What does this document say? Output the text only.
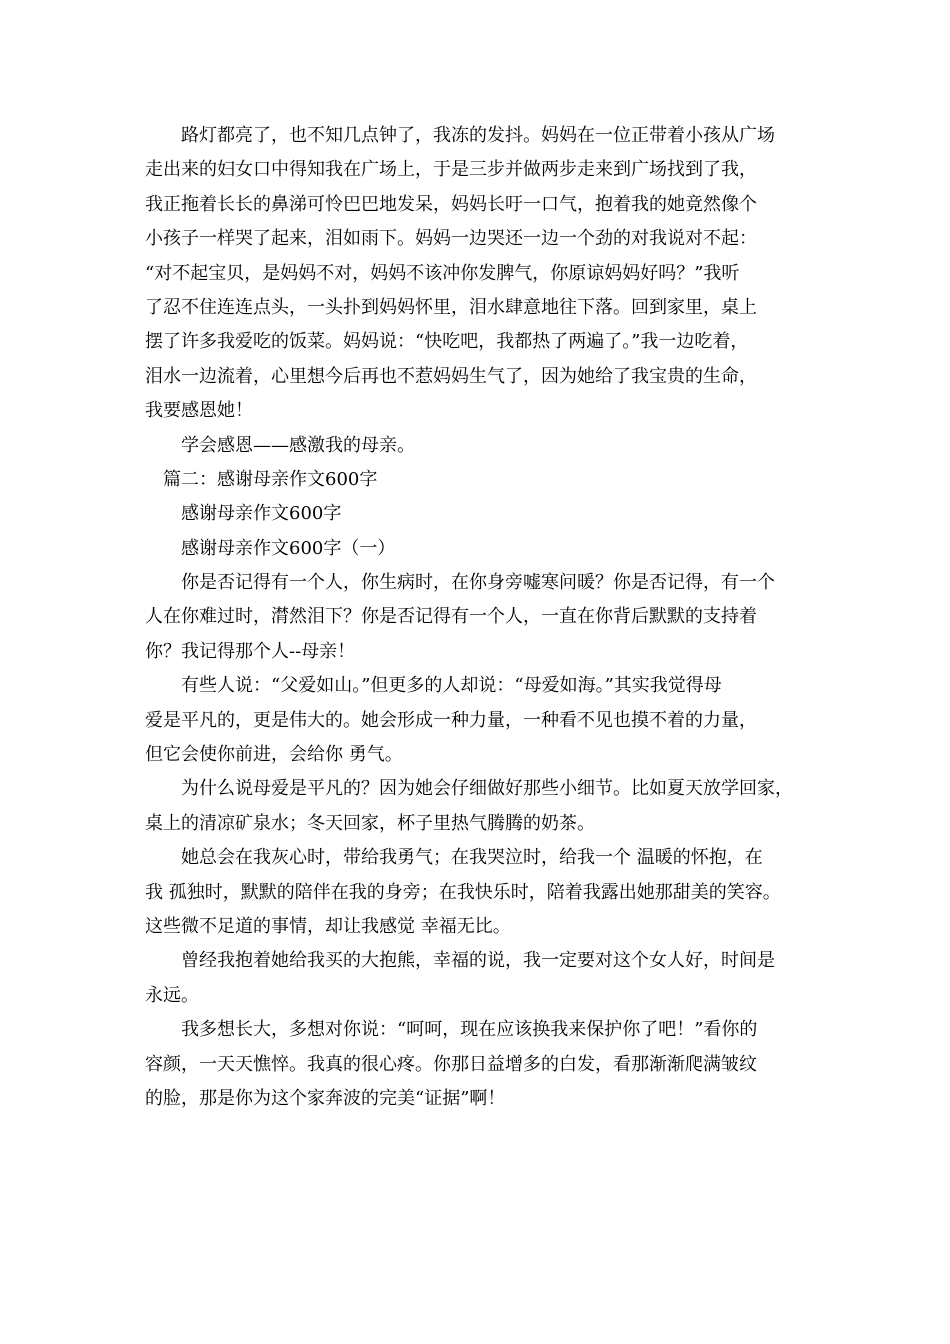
　　路灯都亮了，也不知几点钟了，我冻的发抖。妈妈在一位正带着小孩从广场
走出来的妇女口中得知我在广场上，于是三步并做两步走来到广场找到了我，
我正拖着长长的鼻涕可怜巴巴地发呆，妈妈长吁一口气，抱着我的她竟然像个
小孩子一样哭了起来，泪如雨下。妈妈一边哭还一边一个劲的对我说对不起：
“对不起宝贝，是妈妈不对，妈妈不该冲你发脾气，你原谅妈妈好吗？”我听
了忍不住连连点头，一头扑到妈妈怀里，泪水肆意地往下落。回到家里，桌上
摆了许多我爱吃的饭菜。妈妈说：“快吃吧，我都热了两遍了。”我一边吃着，
泪水一边流着，心里想今后再也不惹妈妈生气了，因为她给了我宝贵的生命，
我要感恩她！
　　学会感恩——感激我的母亲。
　篇二：感谢母亲作文600字
　　感谢母亲作文600字
　　感谢母亲作文600字（一）
　　你是否记得有一个人，你生病时，在你身旁嘘寒问暖？你是否记得，有一个
人在你难过时，潸然泪下？你是否记得有一个人，一直在你背后默默的支持着
你？我记得那个人--母亲！
　　有些人说：“父爱如山。”但更多的人却说：“母爱如海。”其实我觉得母
爱是平凡的，更是伟大的。她会形成一种力量，一种看不见也摸不着的力量，
但它会使你前进，会给你 勇气。
　　为什么说母爱是平凡的？因为她会仔细做好那些小细节。比如夏天放学回家，
桌上的清凉矿泉水；冬天回家，杯子里热气腾腾的奶茶。
　　她总会在我灰心时，带给我勇气；在我哭泣时，给我一个 温暖的怀抱，在
我 孤独时，默默的陪伴在我的身旁；在我快乐时，陪着我露出她那甜美的笑容。
这些微不足道的事情，却让我感觉 幸福无比。
　　曾经我抱着她给我买的大抱熊，幸福的说，我一定要对这个女人好，时间是
永远。
　　我多想长大，多想对你说：“呵呵，现在应该换我来保护你了吧！”看你的
容颜，一天天憔悴。我真的很心疼。你那日益增多的白发，看那渐渐爬满皱纹
的脸，那是你为这个家奔波的完美“证据”啊！
